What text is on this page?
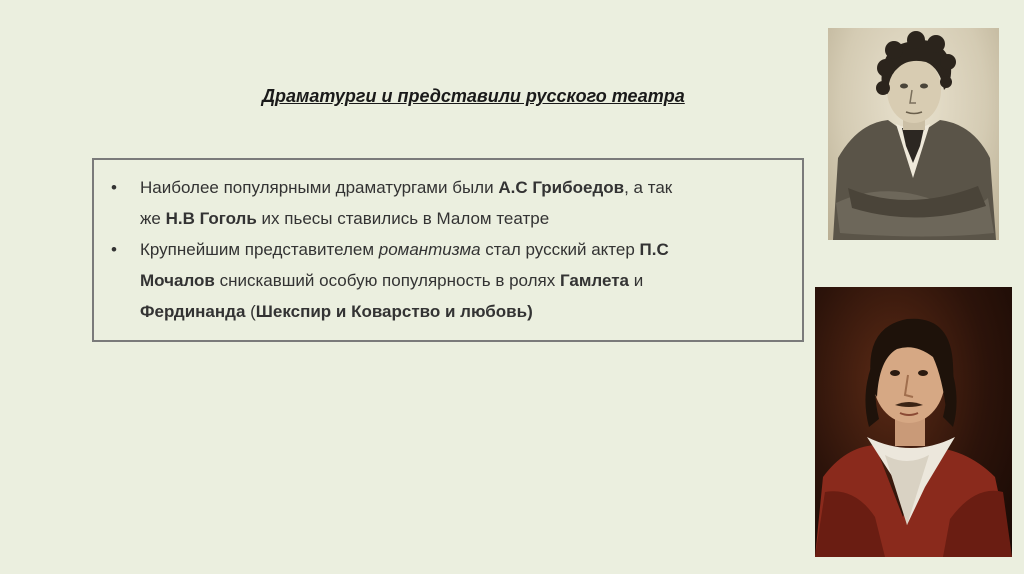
Драматурги и представили русского театра
•	Наиболее популярными драматургами были А.С Грибоедов, а так
же Н.В Гоголь их пьесы ставились в Малом театре
•	Крупнейшим представителем романтизма стал русский актер П.С
Мочалов снискавший особую популярность в ролях Гамлета и
Фердинанда (Шекспир и Коварство и любовь)
